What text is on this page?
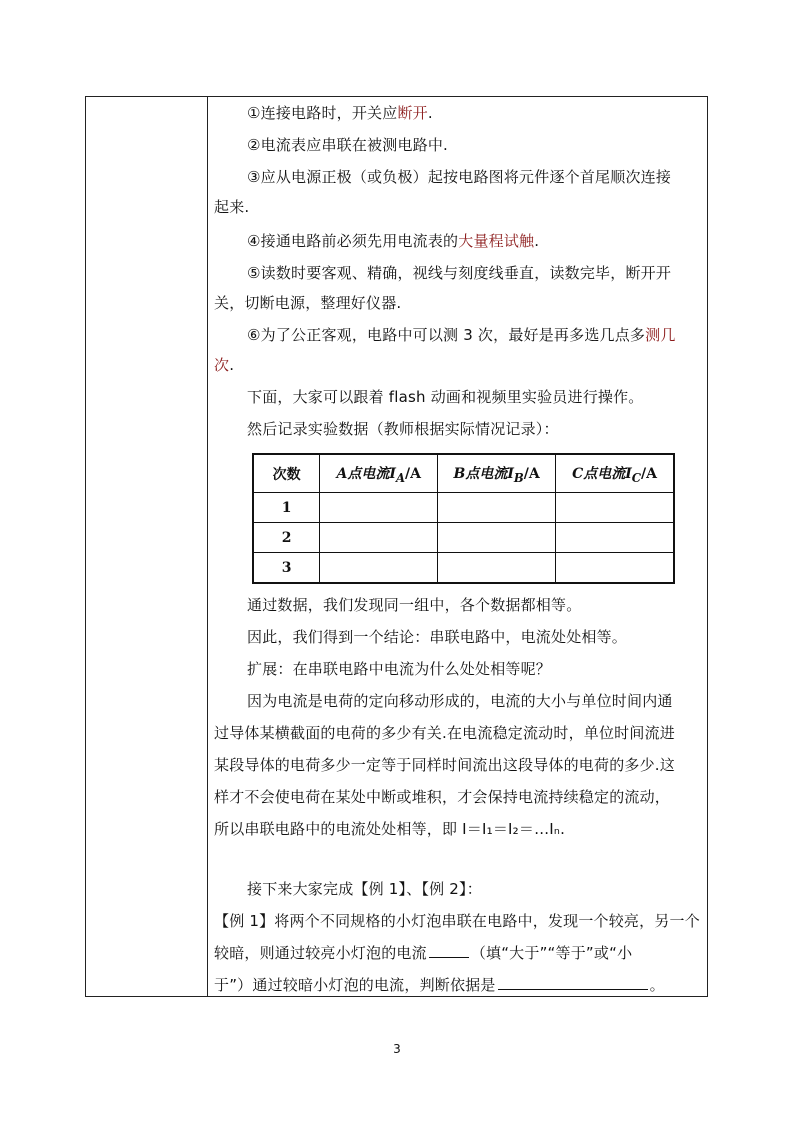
①连接电路时，开关应断开.
②电流表应串联在被测电路中.
③应从电源正极（或负极）起按电路图将元件逐个首尾顺次连接
起来.
④接通电路前必须先用电流表的大量程试触.
⑤读数时要客观、精确，视线与刻度线垂直，读数完毕，断开开
关，切断电源，整理好仪器.
⑥为了公正客观，电路中可以测 3 次，最好是再多选几点多测几
次.
下面，大家可以跟着 flash 动画和视频里实验员进行操作。
然后记录实验数据（教师根据实际情况记录）：
次数	A点电流$I_A/A$	B点电流$I_B/A$	C点电流$I_C/A$
1			
2			
3			
通过数据，我们发现同一组中，各个数据都相等。
因此，我们得到一个结论：串联电路中，电流处处相等。
扩展：在串联电路中电流为什么处处相等呢？
因为电流是电荷的定向移动形成的，电流的大小与单位时间内通
过导体某横截面的电荷的多少有关.在电流稳定流动时，单位时间流进
某段导体的电荷多少一定等于同样时间流出这段导体的电荷的多少.这
样才不会使电荷在某处中断或堆积，才会保持电流持续稳定的流动，
所以串联电路中的电流处处相等，即 I＝I₁＝I₂＝…Iₙ.
接下来大家完成【例 1】、【例 2】：
【例 1】将两个不同规格的小灯泡串联在电路中，发现一个较亮，另一个
较暗，则通过较亮小灯泡的电流	（填“大于”“等于”或“小
于”）通过较暗小灯泡的电流，判断依据是	。
3
